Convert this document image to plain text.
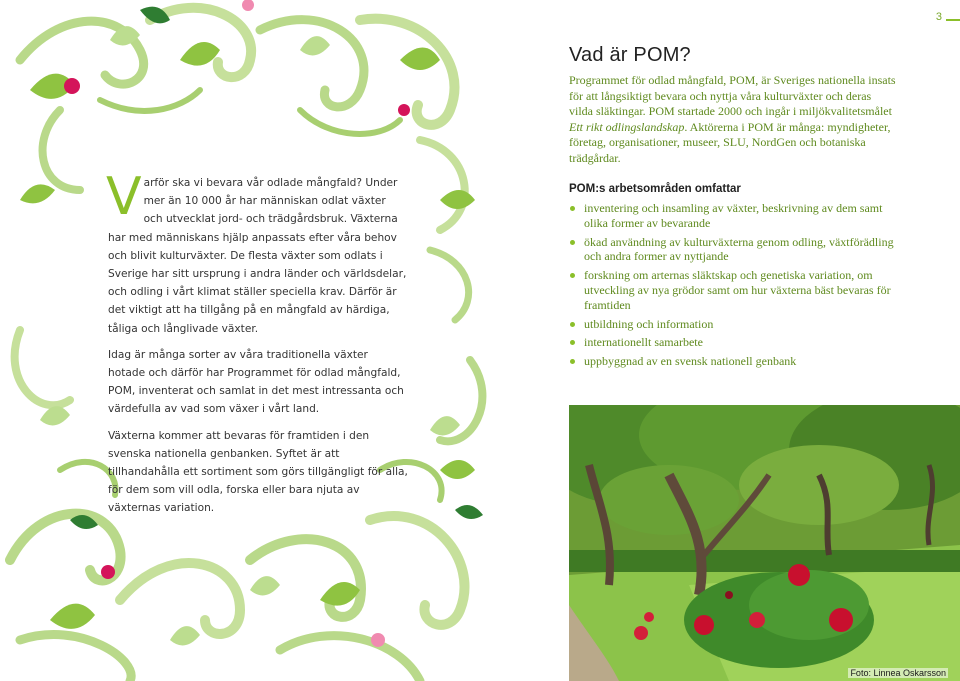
3

V arför ska vi bevara vår odlade mångfald? Under mer än 10 000 år har människan odlat växter och utvecklat jord- och trädgårdsbruk. Växterna har med människans hjälp anpassats efter våra behov och blivit kulturväxter. De flesta växter som odlats i Sverige har sitt ursprung i andra länder och världsdelar, och odling i vårt klimat ställer speciella krav. Därför är det viktigt att ha tillgång på en mångfald av härdiga, tåliga och långlivade växter.

Idag är många sorter av våra traditionella växter hotade och därför har Programmet för odlad mångfald, POM, inventerat och samlat in det mest intressanta och värdefulla av vad som växer i vårt land.

Växterna kommer att bevaras för framtiden i den svenska nationella genbanken. Syftet är att tillhandahålla ett sortiment som görs tillgängligt för alla, för dem som vill odla, forska eller bara njuta av växternas variation.

Vad är POM?

Programmet för odlad mångfald, POM, är Sveriges nationella insats för att långsiktigt bevara och nyttja våra kulturväxter och deras vilda släktingar. POM startade 2000 och ingår i miljökvalitetsmålet Ett rikt odlingslandskap. Aktörerna i POM är många: myndigheter, företag, organisationer, museer, SLU, NordGen och botaniska trädgårdar.

POM:s arbetsområden omfattar
inventering och insamling av växter, beskrivning av dem samt olika former av bevarande
ökad användning av kulturväxterna genom odling, växtförädling och andra former av nyttjande
forskning om arternas släktskap och genetiska variation, om utveckling av nya grödor samt om hur växterna bäst bevaras för framtiden
utbildning och information
internationellt samarbete
uppbyggnad av en svensk nationell genbank
Foto: Linnea Oskarsson
